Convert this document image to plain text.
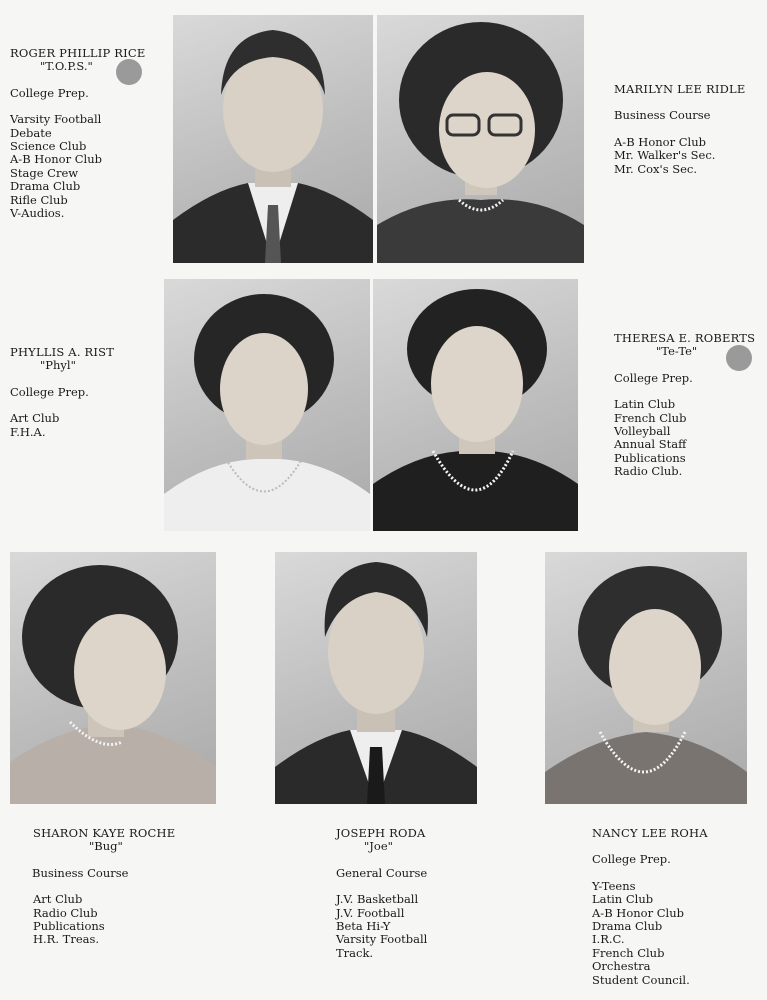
ROGER PHILLIP RICE
"T.O.P.S."
College Prep.
Varsity Football
Debate
Science Club
A-B Honor Club
Stage Crew
Drama Club
Rifle Club
V-Audios.
MARILYN LEE RIDLE
Business Course
A-B Honor Club
Mr. Walker's Sec.
Mr. Cox's Sec.
PHYLLIS A. RIST
"Phyl"
College Prep.
Art Club
F.H.A.
THERESA E. ROBERTS
"Te-Te"
College Prep.
Latin Club
French Club
Volleyball
Annual Staff
Publications
Radio Club.
SHARON KAYE ROCHE
"Bug"
Business Course
Art Club
Radio Club
Publications
H.R. Treas.
JOSEPH RODA
"Joe"
General Course
J.V. Basketball
J.V. Football
Beta Hi-Y
Varsity Football
Track.
NANCY LEE ROHA
College Prep.
Y-Teens
Latin Club
A-B Honor Club
Drama Club
I.R.C.
French Club
Orchestra
Student Council.
